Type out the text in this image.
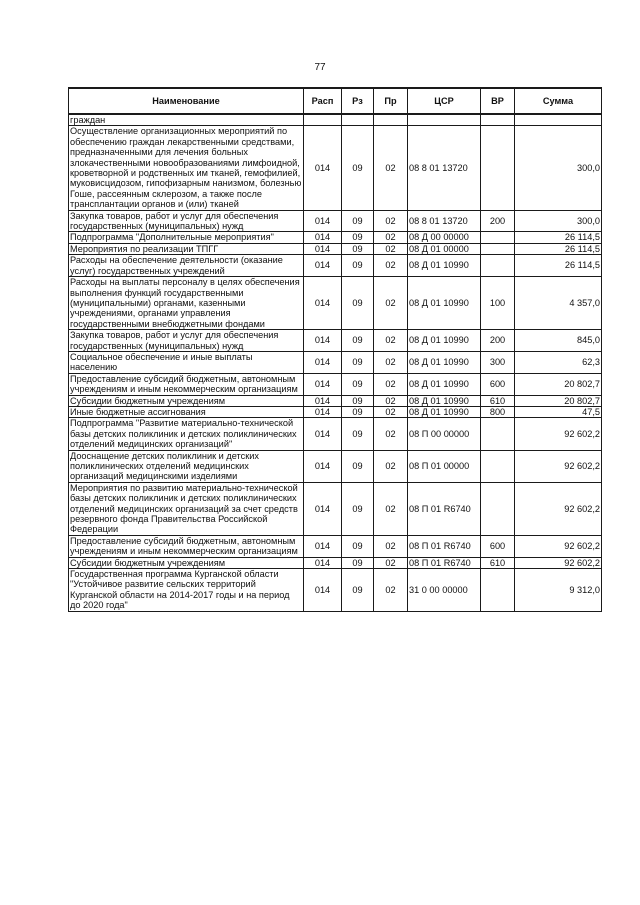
77
Наименование	Расп	Рз	Пр	ЦСР	ВР	Сумма
граждан						
Осуществление организационных мероприятий по обеспечению граждан лекарственными средствами, предназначенными для лечения больных злокачественными новообразованиями лимфоидной, кроветворной и родственных им тканей, гемофилией, муковисцидозом, гипофизарным нанизмом, болезнью Гоше, рассеянным склерозом, а также после трансплантации органов и (или) тканей	014	09	02	08 8 01 13720		300,0
Закупка товаров, работ и услуг для обеспечения государственных (муниципальных) нужд	014	09	02	08 8 01 13720	200	300,0
Подпрограмма "Дополнительные мероприятия"	014	09	02	08 Д 00 00000		26 114,5
Мероприятия по реализации ТПГГ	014	09	02	08 Д 01 00000		26 114,5
Расходы на обеспечение деятельности (оказание услуг) государственных учреждений	014	09	02	08 Д 01 10990		26 114,5
Расходы на выплаты персоналу в целях обеспечения выполнения функций государственными (муниципальными) органами, казенными учреждениями, органами управления государственными внебюджетными фондами	014	09	02	08 Д 01 10990	100	4 357,0
Закупка товаров, работ и услуг для обеспечения государственных (муниципальных) нужд	014	09	02	08 Д 01 10990	200	845,0
Социальное обеспечение и иные выплаты населению	014	09	02	08 Д 01 10990	300	62,3
Предоставление субсидий бюджетным, автономным учреждениям и иным некоммерческим организациям	014	09	02	08 Д 01 10990	600	20 802,7
Субсидии бюджетным учреждениям	014	09	02	08 Д 01 10990	610	20 802,7
Иные бюджетные ассигнования	014	09	02	08 Д 01 10990	800	47,5
Подпрограмма "Развитие материально-технической базы детских поликлиник и детских поликлинических отделений медицинских организаций"	014	09	02	08 П 00 00000		92 602,2
Дооснащение детских поликлиник и детских поликлинических отделений медицинских организаций медицинскими изделиями	014	09	02	08 П 01 00000		92 602,2
Мероприятия по развитию материально-технической базы детских поликлиник и детских поликлинических отделений медицинских организаций за счет средств резервного фонда Правительства Российской Федерации	014	09	02	08 П 01 R6740		92 602,2
Предоставление субсидий бюджетным, автономным учреждениям и иным некоммерческим организациям	014	09	02	08 П 01 R6740	600	92 602,2
Субсидии бюджетным учреждениям	014	09	02	08 П 01 R6740	610	92 602,2
Государственная программа Курганской области "Устойчивое развитие сельских территорий Курганской области на 2014-2017 годы и на период до 2020 года"	014	09	02	31 0 00 00000		9 312,0
